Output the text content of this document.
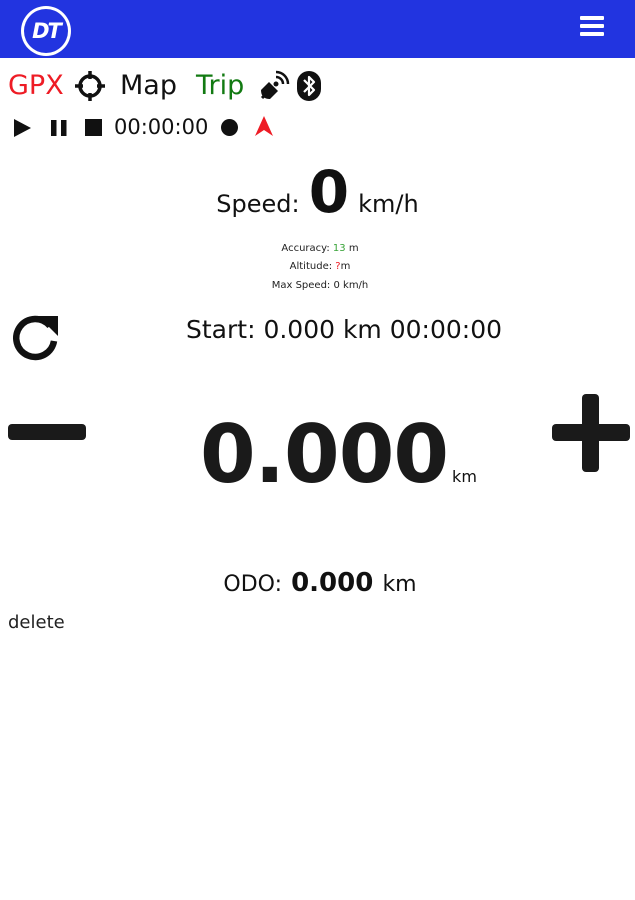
DT
GPX Map Trip
00:00:00
Speed: 0 km/h
Accuracy: 13 m
Altitude: ?m
Max Speed: 0 km/h
Start: 0.000 km 00:00:00
0.000 km
ODO: 0.000 km
delete
